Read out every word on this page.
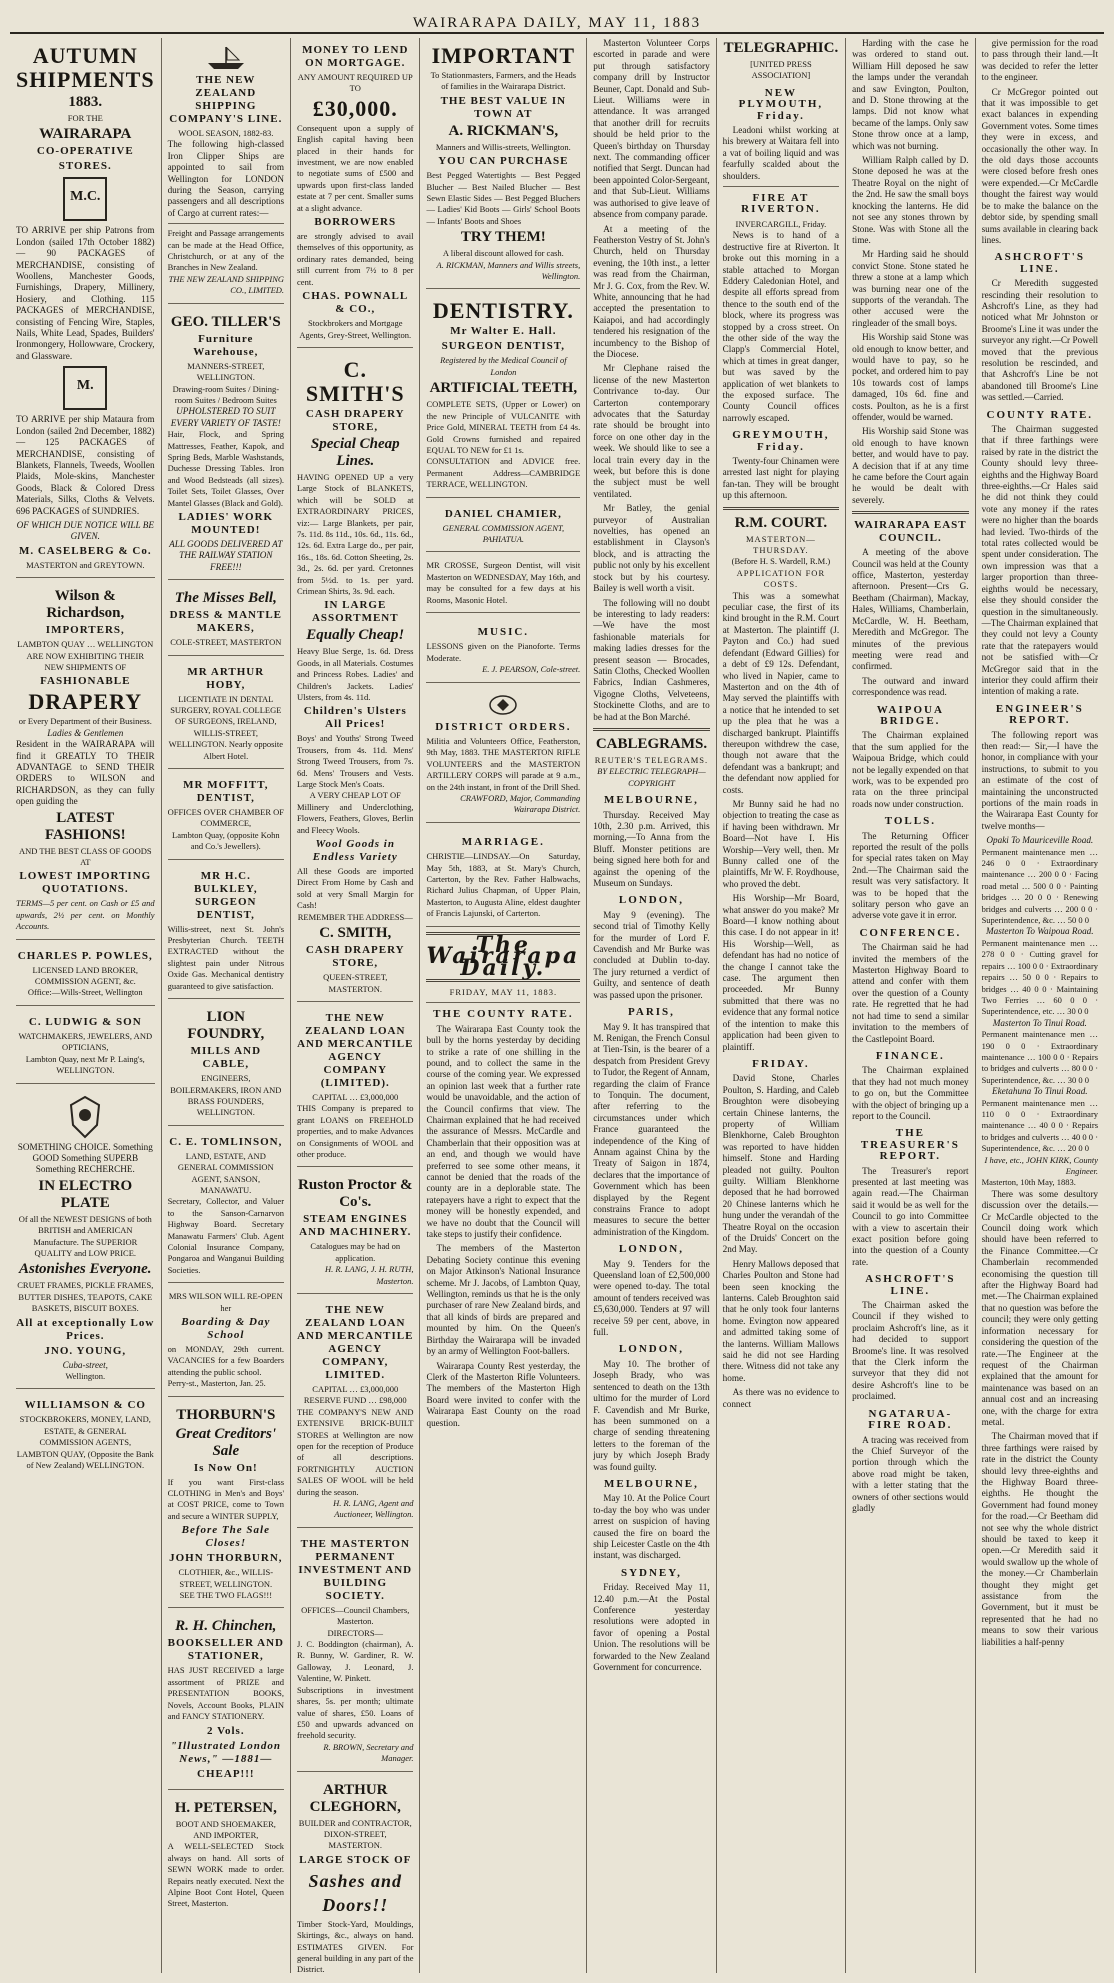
WAIRARAPA DAILY, MAY 11, 1883
AUTUMN SHIPMENTS
1883.
FOR THE
WAIRARAPA
CO-OPERATIVE
STORES.
M.C.
TO ARRIVE per ship Patrons from London (sailed 17th October 1882) — 90 PACKAGES of MERCHANDISE, consisting of Woollens, Manchester Goods, Furnishings, Drapery, Millinery, Hosiery, and Clothing. 115 PACKAGES of MERCHANDISE, consisting of Fencing Wire, Staples, Nails, White Lead, Spades, Builders' Ironmongery, Hollowware, Crockery, and Glassware.
M.
TO ARRIVE per ship Mataura from London (sailed 2nd December, 1882) — 125 PACKAGES of MERCHANDISE, consisting of Blankets, Flannels, Tweeds, Woollen Plaids, Mole-skins, Manchester Goods, Black & Colored Dress Materials, Silks, Cloths & Velvets. 696 PACKAGES of SUNDRIES.
OF WHICH DUE NOTICE WILL BE GIVEN.
M. CASELBERG & Co.
MASTERTON and GREYTOWN.
Wilson & Richardson,
IMPORTERS,
LAMBTON QUAY … WELLINGTON
ARE NOW EXHIBITING THEIR NEW SHIPMENTS OF
FASHIONABLE
DRAPERY
or Every Department of their Business.
Ladies & Gentlemen
Resident in the WAIRARAPA will find it GREATLY TO THEIR ADVANTAGE to SEND THEIR ORDERS to WILSON and RICHARDSON, as they can fully open guiding the
LATEST FASHIONS!
AND THE BEST CLASS OF GOODS AT
LOWEST IMPORTING QUOTATIONS.
TERMS—5 per cent. on Cash or £5 and upwards, 2½ per cent. on Monthly Accounts.
CHARLES P. POWLES,
LICENSED LAND BROKER, COMMISSION AGENT, &c.
Office:—Wills-Street, Wellington
C. LUDWIG & SON
WATCHMAKERS, JEWELERS, AND OPTICIANS,
Lambton Quay, next Mr P. Laing's, WELLINGTON.
SOMETHING CHOICE. Something GOOD Something SUPERB Something RECHERCHE.
IN ELECTRO PLATE
Of all the NEWEST DESIGNS of both BRITISH and AMERICAN Manufacture. The SUPERIOR QUALITY and LOW PRICE.
Astonishes Everyone.
CRUET FRAMES, PICKLE FRAMES, BUTTER DISHES, TEAPOTS, CAKE BASKETS, BISCUIT BOXES.
All at exceptionally Low Prices.
JNO. YOUNG,
Cuba-street,
Wellington.
WILLIAMSON & CO
STOCKBROKERS, MONEY, LAND, ESTATE, & GENERAL COMMISSION AGENTS,
LAMBTON QUAY, (Opposite the Bank of New Zealand) WELLINGTON.
THE NEW ZEALAND SHIPPING COMPANY'S LINE.
WOOL SEASON, 1882-83.
The following high-classed Iron Clipper Ships are appointed to sail from Wellington for LONDON during the Season, carrying passengers and all descriptions of Cargo at current rates:—
Freight and Passage arrangements can be made at the Head Office, Christchurch, or at any of the Branches in New Zealand.
THE NEW ZEALAND SHIPPING CO., LIMITED.
GEO. TILLER'S
Furniture Warehouse,
MANNERS-STREET, WELLINGTON.
Drawing-room Suites / Dining-room Suites / Bedroom Suites
UPHOLSTERED TO SUIT EVERY VARIETY OF TASTE!
Hair, Flock, and Spring Mattresses, Feather, Kapok, and Spring Beds, Marble Washstands, Duchesse Dressing Tables. Iron and Wood Bedsteads (all sizes). Toilet Sets, Toilet Glasses, Over Mantel Glasses (Black and Gold).
LADIES' WORK MOUNTED!
ALL GOODS DELIVERED AT THE RAILWAY STATION FREE!!!
The Misses Bell,
DRESS & MANTLE MAKERS,
COLE-STREET, MASTERTON
MR ARTHUR HOBY,
LICENTIATE IN DENTAL SURGERY, ROYAL COLLEGE OF SURGEONS, IRELAND,
WILLIS-STREET, WELLINGTON. Nearly opposite Albert Hotel.
MR MOFFITT, DENTIST,
OFFICES OVER CHAMBER OF COMMERCE,
Lambton Quay, (opposite Kohn and Co.'s Jewellers).
MR H.C. BULKLEY, SURGEON DENTIST,
Willis-street, next St. John's Presbyterian Church. TEETH EXTRACTED without the slightest pain under Nitrous Oxide Gas. Mechanical dentistry guaranteed to give satisfaction.
LION FOUNDRY,
MILLS AND CABLE,
ENGINEERS, BOILERMAKERS, IRON AND BRASS FOUNDERS, WELLINGTON.
C. E. TOMLINSON,
LAND, ESTATE, AND GENERAL COMMISSION AGENT, SANSON, MANAWATU.
Secretary, Collector, and Valuer to the Sanson-Carnarvon Highway Board. Secretary Manawatu Farmers' Club. Agent Colonial Insurance Company, Pongaroa and Wanganui Building Societies.
MRS WILSON WILL RE-OPEN her
Boarding & Day School
on MONDAY, 29th current. VACANCIES for a few Boarders attending the public school.
Perry-st., Masterton, Jan. 25.
THORBURN'S
Great Creditors' Sale
Is Now On!
If you want First-class CLOTHING in Men's and Boys' at COST PRICE, come to Town and secure a WINTER SUPPLY,
Before The Sale Closes!
JOHN THORBURN,
CLOTHIER, &c., WILLIS-STREET, WELLINGTON.
SEE THE TWO FLAGS!!!
R. H. Chinchen,
BOOKSELLER AND STATIONER,
HAS JUST RECEIVED a large assortment of PRIZE and PRESENTATION BOOKS, Novels, Account Books, PLAIN and FANCY STATIONERY.
2 Vols.
"Illustrated London News," —1881—
CHEAP!!!
H. PETERSEN,
BOOT AND SHOEMAKER, AND IMPORTER,
A WELL-SELECTED Stock always on hand. All sorts of SEWN WORK made to order. Repairs neatly executed. Next the Alpine Boot Cont Hotel, Queen Street, Masterton.
MONEY TO LEND ON MORTGAGE.
ANY AMOUNT REQUIRED UP TO
£30,000.
Consequent upon a supply of English capital having been placed in their hands for investment, we are now enabled to negotiate sums of £500 and upwards upon first-class landed estate at 7 per cent. Smaller sums at a slight advance.
BORROWERS
are strongly advised to avail themselves of this opportunity, as ordinary rates demanded, being still current from 7½ to 8 per cent.
CHAS. POWNALL & CO.,
Stockbrokers and Mortgage Agents, Grey-Street, Wellington.
C. SMITH'S
CASH DRAPERY STORE,
Special Cheap Lines.
HAVING OPENED UP a very Large Stock of BLANKETS, which will be SOLD at EXTRAORDINARY PRICES, viz:— Large Blankets, per pair, 7s. 11d. 8s 11d., 10s. 6d., 11s. 6d., 12s. 6d. Extra Large do., per pair, 16s., 18s. 6d. Cotton Sheeting, 2s. 3d., 2s. 6d. per yard. Cretonnes from 5½d. to 1s. per yard. Crimean Shirts, 3s. 9d. each.
IN LARGE ASSORTMENT
Equally Cheap!
Heavy Blue Serge, 1s. 6d. Dress Goods, in all Materials. Costumes and Princess Robes. Ladies' and Children's Jackets. Ladies' Ulsters, from 4s. 11d.
Children's Ulsters All Prices!
Boys' and Youths' Strong Tweed Trousers, from 4s. 11d. Mens' Strong Tweed Trousers, from 7s. 6d. Mens' Trousers and Vests. Large Stock Men's Coats.
A VERY CHEAP LOT OF
Millinery and Underclothing, Flowers, Feathers, Gloves, Berlin and Fleecy Wools.
Wool Goods in Endless Variety
All these Goods are imported Direct From Home by Cash and sold at very Small Margin for Cash!
REMEMBER THE ADDRESS—
C. SMITH,
CASH DRAPERY STORE,
QUEEN-STREET, MASTERTON.
THE NEW ZEALAND LOAN AND MERCANTILE AGENCY COMPANY (LIMITED).
CAPITAL … £3,000,000
THIS Company is prepared to grant LOANS on FREEHOLD properties, and to make Advances on Consignments of WOOL and other produce.
Ruston Proctor & Co's.
STEAM ENGINES AND MACHINERY.
Catalogues may be had on application.
H. R. LANG, J. H. RUTH, Masterton.
THE NEW ZEALAND LOAN AND MERCANTILE AGENCY COMPANY, LIMITED.
CAPITAL … £3,000,000 RESERVE FUND … £98,000
THE COMPANY'S NEW AND EXTENSIVE BRICK-BUILT STORES at Wellington are now open for the reception of Produce of all descriptions. FORTNIGHTLY AUCTION SALES OF WOOL will be held during the season.
H. R. LANG, Agent and Auctioneer, Wellington.
THE MASTERTON PERMANENT INVESTMENT AND BUILDING SOCIETY.
OFFICES—Council Chambers, Masterton.
DIRECTORS—
J. C. Boddington (chairman), A. R. Bunny, W. Gardiner, R. W. Galloway, J. Leonard, J. Valentine, W. Pinkett.
Subscriptions in investment shares, 5s. per month; ultimate value of shares, £50. Loans of £50 and upwards advanced on freehold security.
R. BROWN, Secretary and Manager.
ARTHUR CLEGHORN,
BUILDER and CONTRACTOR, DIXON-STREET, MASTERTON.
LARGE STOCK OF
Sashes and Doors!!
Timber Stock-Yard, Mouldings, Skirtings, &c., always on hand. ESTIMATES GIVEN. For general building in any part of the District.
IMPORTANT
To Stationmasters, Farmers, and the Heads of families in the Wairarapa District.
THE BEST VALUE IN TOWN AT
A. RICKMAN'S,
Manners and Willis-streets, Wellington.
YOU CAN PURCHASE
Best Pegged Watertights — Best Pegged Blucher — Best Nailed Blucher — Best Sewn Elastic Sides — Best Pegged Bluchers — Ladies' Kid Boots — Girls' School Boots — Infants' Boots and Shoes
TRY THEM!
A liberal discount allowed for cash.
A. RICKMAN, Manners and Willis streets, Wellington.
DENTISTRY.
Mr Walter E. Hall.
SURGEON DENTIST,
Registered by the Medical Council of London
ARTIFICIAL TEETH,
COMPLETE SETS, (Upper or Lower) on the new Principle of VULCANITE with Price Gold, MINERAL TEETH from £4 4s. Gold Crowns furnished and repaired EQUAL TO NEW for £1 1s.
CONSULTATION and ADVICE free. Permanent Address—CAMBRIDGE TERRACE, WELLINGTON.
DANIEL CHAMIER,
GENERAL COMMISSION AGENT, PAHIATUA.
MR CROSSE, Surgeon Dentist, will visit Masterton on WEDNESDAY, May 16th, and may be consulted for a few days at his Rooms, Masonic Hotel.
MUSIC.
LESSONS given on the Pianoforte. Terms Moderate.
E. J. PEARSON, Cole-street.
DISTRICT ORDERS.
Militia and Volunteers Office, Featherston, 9th May, 1883. THE MASTERTON RIFLE VOLUNTEERS and the MASTERTON ARTILLERY CORPS will parade at 9 a.m., on the 24th instant, in front of the Drill Shed.
CRAWFORD, Major, Commanding Wairarapa District.
MARRIAGE.
CHRISTIE—LINDSAY.—On Saturday, May 5th, 1883, at St. Mary's Church, Carterton, by the Rev. Father Halbwachs, Richard Julius Chapman, of Upper Plain, Masterton, to Augusta Aline, eldest daughter of Francis Lajunski, of Carterton.
The Wairarapa Daily.
FRIDAY, MAY 11, 1883.
THE COUNTY RATE.

The Wairarapa East County took the bull by the horns yesterday by deciding to strike a rate of one shilling in the pound, and to collect the same in the course of the coming year. We expressed an opinion last week that a further rate would be unavoidable, and the action of the Council confirms that view. The Chairman explained that he had received the assurance of Messrs. McCardle and Chamberlain that their opposition was at an end, and though we would have preferred to see some other means, it cannot be denied that the roads of the county are in a deplorable state. The ratepayers have a right to expect that the money will be honestly expended, and we have no doubt that the Council will take steps to justify their confidence.

The members of the Masterton Debating Society continue this evening on Major Atkinson's National Insurance scheme. Mr J. Jacobs, of Lambton Quay, Wellington, reminds us that he is the only purchaser of rare New Zealand birds, and that all kinds of birds are prepared and mounted by him. On the Queen's Birthday the Wairarapa will be invaded by an army of Wellington Foot-ballers.

Wairarapa County Rest yesterday, the Clerk of the Masterton Rifle Volunteers. The members of the Masterton High Board were invited to confer with the Wairarapa East County on the road question.

Masterton Volunteer Corps escorted in parade and were put through satisfactory company drill by Instructor Beuner, Capt. Donald and Sub-Lieut. Williams were in attendance. It was arranged that another drill for recruits should be held prior to the Queen's birthday on Thursday next. The commanding officer notified that Sergt. Duncan had been appointed Color-Sergeant, and that Sub-Lieut. Williams was authorised to give leave of absence from company parade.

At a meeting of the Featherston Vestry of St. John's Church, held on Thursday evening, the 10th inst., a letter was read from the Chairman, Mr J. G. Cox, from the Rev. W. White, announcing that he had accepted the presentation to Kaiapoi, and had accordingly tendered his resignation of the incumbency to the Bishop of the Diocese.

Mr Clephane raised the license of the new Masterton Contrivance to-day. Our Carterton contemporary advocates that the Saturday rate should be brought into force on one other day in the week. We should like to see a local train every day in the week, but before this is done the subject must be well ventilated.

Mr Batley, the genial purveyor of Australian novelties, has opened an establishment in Clayson's block, and is attracting the public not only by his excellent stock but by his courtesy. Bailey is well worth a visit.

The following will no doubt be interesting to lady readers:—We have the most fashionable materials for making ladies dresses for the present season — Brocades, Satin Cloths, Checked Woollen Fabrics, Indian Cashmeres, Vigogne Cloths, Velveteens, Stockinette Cloths, and are to be had at the Bon Marché.

CABLEGRAMS.
REUTER'S TELEGRAMS.
BY ELECTRIC TELEGRAPH—COPYRIGHT
MELBOURNE,

Thursday. Received May 10th, 2.30 p.m. Arrived, this morning,—To Anna from the Bluff. Monster petitions are being signed here both for and against the opening of the Museum on Sundays.

LONDON,

May 9 (evening). The second trial of Timothy Kelly for the murder of Lord F. Cavendish and Mr Burke was concluded at Dublin to-day. The jury returned a verdict of Guilty, and sentence of death was passed upon the prisoner.

PARIS,

May 9. It has transpired that M. Renigan, the French Consul at Tien-Tsin, is the bearer of a despatch from President Grevy to Tudor, the Regent of Annam, regarding the claim of France to Tonquin. The document, after referring to the circumstances under which France guaranteed the independence of the King of Annam against China by the Treaty of Saigon in 1874, declares that the importance of Government which has been displayed by the Regent constrains France to adopt measures to secure the better administration of the Kingdom.

LONDON,

May 9. Tenders for the Queensland loan of £2,500,000 were opened to-day. The total amount of tenders received was £5,630,000. Tenders at 97 will receive 59 per cent, above, in full.

LONDON,

May 10. The brother of Joseph Brady, who was sentenced to death on the 13th ultimo for the murder of Lord F. Cavendish and Mr Burke, has been summoned on a charge of sending threatening letters to the foreman of the jury by which Joseph Brady was found guilty.

MELBOURNE,

May 10. At the Police Court to-day the boy who was under arrest on suspicion of having caused the fire on board the ship Leicester Castle on the 4th instant, was discharged.

SYDNEY,

Friday. Received May 11, 12.40 p.m.—At the Postal Conference yesterday resolutions were adopted in favor of opening a Postal Union. The resolutions will be forwarded to the New Zealand Government for concurrence.

TELEGRAPHIC.
[UNITED PRESS ASSOCIATION]
NEW PLYMOUTH, Friday.

Leadoni whilst working at his brewery at Waitara fell into a vat of boiling liquid and was fearfully scalded about the shoulders.

FIRE AT RIVERTON.
INVERCARGILL, Friday.

News is to hand of a destructive fire at Riverton. It broke out this morning in a stable attached to Morgan Eddery Caledonian Hotel, and despite all efforts spread from thence to the south end of the block, where its progress was stopped by a cross street. On the other side of the way the Clapp's Commercial Hotel, which at times in great danger, but was saved by the application of wet blankets to the exposed surface. The County Council offices narrowly escaped.

GREYMOUTH, Friday.

Twenty-four Chinamen were arrested last night for playing fan-tan. They will be brought up this afternoon.

R.M. COURT.
MASTERTON—THURSDAY.
(Before H. S. Wardell, R.M.)
APPLICATION FOR COSTS.

This was a somewhat peculiar case, the first of its kind brought in the R.M. Court at Masterton. The plaintiff (J. Payton and Co.) had sued defendant (Edward Gillies) for a debt of £9 12s. Defendant, who lived in Napier, came to Masterton and on the 4th of May served the plaintiffs with a notice that he intended to set up the plea that he was a discharged bankrupt. Plaintiffs thereupon withdrew the case, though not aware that the defendant was a bankrupt; and the defendant now applied for costs.

Mr Bunny said he had no objection to treating the case as if having been withdrawn. Mr Board—Not have I. His Worship—Very well, then. Mr Bunny called one of the plaintiffs, Mr W. F. Roydhouse, who proved the debt.

His Worship—Mr Board, what answer do you make? Mr Board—I know nothing about this case. I do not appear in it! His Worship—Well, as defendant has had no notice of the change I cannot take the case. The argument then proceeded. Mr Bunny submitted that there was no evidence that any formal notice of the intention to make this application had been given to plaintiff.

FRIDAY.

David Stone, Charles Poulton, S. Harding, and Caleb Broughton were disobeying certain Chinese lanterns, the property of William Blenkhorne, Caleb Broughton was reported to have hidden himself. Stone and Harding pleaded not guilty. Poulton guilty. William Blenkhorne deposed that he had borrowed 20 Chinese lanterns which he hung under the verandah of the Theatre Royal on the occasion of the Druids' Concert on the 2nd May.

Henry Mallows deposed that Charles Poulton and Stone had been seen knocking the lanterns. Caleb Broughton said that he only took four lanterns home. Evington now appeared and admitted taking some of the lanterns. William Mallows said he did not see Harding there. Witness did not take any home.

As there was no evidence to connect

Harding with the case he was ordered to stand out. William Hill deposed he saw the lamps under the verandah and saw Evington, Poulton, and D. Stone throwing at the lamps. Did not know what became of the lamps. Only saw Stone throw once at a lamp, which was not burning.

William Ralph called by D. Stone deposed he was at the Theatre Royal on the night of the 2nd. He saw the small boys knocking the lanterns. He did not see any stones thrown by Stone. Was with Stone all the time.

Mr Harding said he should convict Stone. Stone stated he threw a stone at a lamp which was burning near one of the supports of the verandah. The other accused were the ringleader of the small boys.

His Worship said Stone was old enough to know better, and would have to pay, so he pocket, and ordered him to pay 10s towards cost of lamps damaged, 10s 6d. fine and costs. Poulton, as he is a first offender, would be warned.

His Worship said Stone was old enough to have known better, and would have to pay. A decision that if at any time he came before the Court again he would be dealt with severely.

WAIRARAPA EAST COUNCIL.

A meeting of the above Council was held at the County office, Masterton, yesterday afternoon. Present—Crs G. Beetham (Chairman), Mackay, Hales, Williams, Chamberlain, McCardle, W. H. Beetham, Meredith and McGregor. The minutes of the previous meeting were read and confirmed.

The outward and inward correspondence was read.

WAIPOUA BRIDGE.

The Chairman explained that the sum applied for the Waipoua Bridge, which could not be legally expended on that work, was to be expended pro rata on the three principal roads now under construction.

TOLLS.

The Returning Officer reported the result of the polls for special rates taken on May 2nd.—The Chairman said the result was very satisfactory. It was to be hoped that the solitary person who gave an adverse vote gave it in error.

CONFERENCE.

The Chairman said he had invited the members of the Masterton Highway Board to attend and confer with them over the question of a County rate. He regretted that he had not had time to send a similar invitation to the members of the Castlepoint Board.

FINANCE.

The Chairman explained that they had not much money to go on, but the Committee with the object of bringing up a report to the Council.

THE TREASURER'S REPORT.

The Treasurer's report presented at last meeting was again read.—The Chairman said it would be as well for the Council to go into Committee with a view to ascertain their exact position before going into the question of a County rate.

ASHCROFT'S LINE.

The Chairman asked the Council if they wished to proclaim Ashcroft's line, as it had decided to support Broome's line. It was resolved that the Clerk inform the surveyor that they did not desire Ashcroft's line to be proclaimed.

NGATARUA-FIRE ROAD.

A tracing was received from the Chief Surveyor of the portion through which the above road might be taken, with a letter stating that the owners of other sections would gladly

give permission for the road to pass through their land.—It was decided to refer the letter to the engineer.

Cr McGregor pointed out that it was impossible to get exact balances in expending Government votes. Some times they were in excess, and occasionally the other way. In the old days those accounts were closed before fresh ones were expended.—Cr McCardle thought the fairest way would be to make the balance on the debtor side, by spending small sums available in clearing back lines.

ASHCROFT'S LINE.

Cr Meredith suggested rescinding their resolution to Ashcroft's Line, as they had noticed what Mr Johnston or Broome's Line it was under the surveyor any right.—Cr Powell moved that the previous resolution be rescinded, and that Ashcroft's Line be not abandoned till Broome's Line was settled.—Carried.

COUNTY RATE.

The Chairman suggested that if three farthings were raised by rate in the district the County should levy three-eighths and the Highway Board three-eighths.—Cr Hales said he did not think they could vote any money if the rates were no higher than the boards had levied. Two-thirds of the total rates collected would be spent under consideration. The own impression was that a larger proportion than three-eighths would be necessary, else they should consider the question in the simultaneously.—The Chairman explained that they could not levy a County rate that the ratepayers would not be satisfied with—Cr McGregor said that in the interior they could affirm their intention of making a rate.

ENGINEER'S REPORT.

The following report was then read:— Sir,—I have the honor, in compliance with your instructions, to submit to you an estimate of the cost of maintaining the unconstructed portions of the main roads in the Wairarapa East County for twelve months—

Opaki To Mauriceville Road.
Permanent maintenance men … 246 0 0 · Extraordinary maintenance … 200 0 0 · Facing road metal … 500 0 0 · Painting bridges … 20 0 0 · Renewing bridges and culverts … 200 0 0 · Superintendence, &c. … 50 0 0
Masterton To Waipoua Road.
Permanent maintenance men … 278 0 0 · Cutting gravel for repairs … 100 0 0 · Extraordinary repairs … 50 0 0 · Repairs to bridges … 40 0 0 · Maintaining Two Ferries … 60 0 0 · Superintendence, etc. … 30 0 0
Masterton To Tinui Road.
Permanent maintenance men … 190 0 0 · Extraordinary maintenance … 100 0 0 · Repairs to bridges and culverts … 80 0 0 · Superintendence, &c. … 30 0 0
Eketahuna To Tinui Road.
Permanent maintenance men … 110 0 0 · Extraordinary maintenance … 40 0 0 · Repairs to bridges and culverts … 40 0 0 · Superintendence, &c. … 20 0 0
I have, etc., JOHN KIRK, County Engineer.
Masterton, 10th May, 1883.

There was some desultory discussion over the details.—Cr McCardle objected to the Council doing work which should have been referred to the Finance Committee.—Cr Chamberlain recommended economising the question till after the Highway Board had met.—The Chairman explained that no question was before the council; they were only getting information necessary for considering the question of the rate.—The Engineer at the request of the Chairman explained that the amount for maintenance was based on an annual cost and an increasing one, with the charge for extra metal.

The Chairman moved that if three farthings were raised by rate in the district the County should levy three-eighths and the Highway Board three-eighths. He thought the Government had found money for the road.—Cr Beetham did not see why the whole district should be taxed to keep it open.—Cr Meredith said it would swallow up the whole of the money.—Cr Chamberlain thought they might get assistance from the Government, but it must be represented that he had no means to sow their various liabilities a half-penny
